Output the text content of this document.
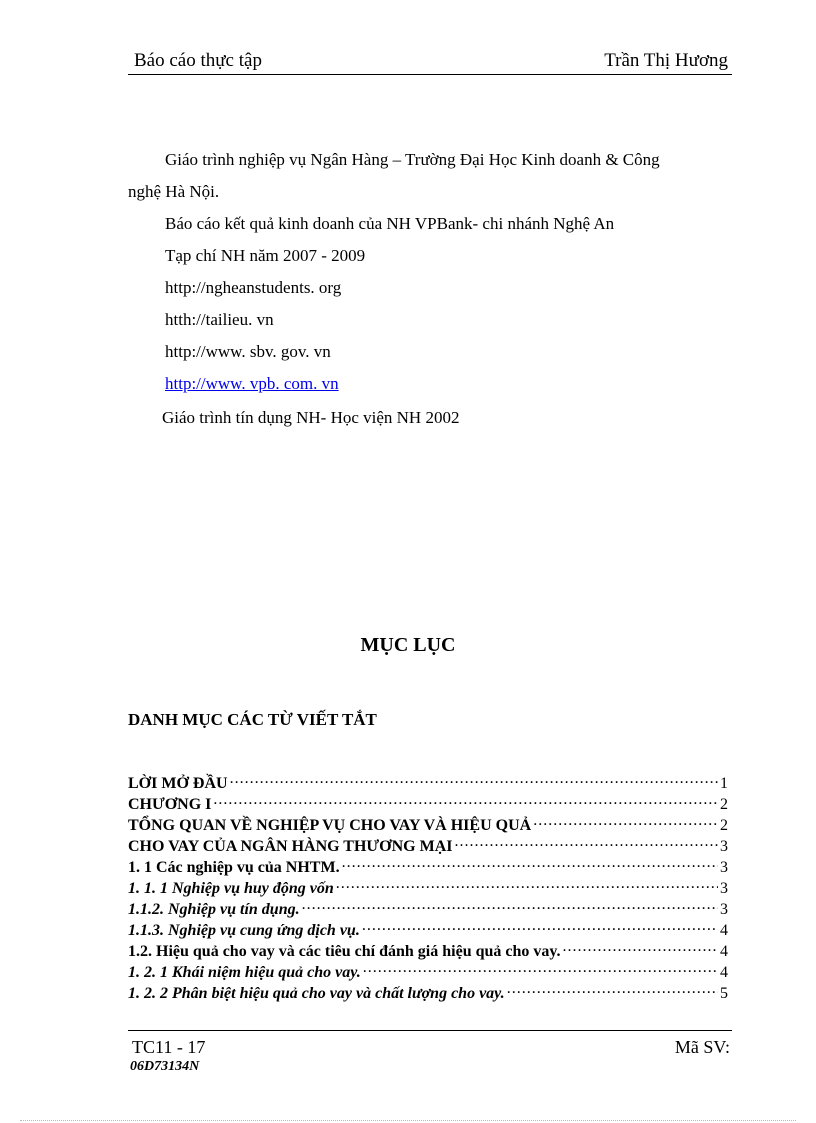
Báo cáo thực tập	Trần Thị Hương
Giáo trình nghiệp vụ Ngân Hàng – Trường Đại Học Kinh doanh & Công
nghệ Hà Nội.
Báo cáo kết quả kinh doanh của NH VPBank- chi nhánh Nghệ An
Tạp chí NH năm 2007 - 2009
http://ngheanstudents. org
htth://tailieu. vn
http://www. sbv. gov. vn
http://www. vpb. com. vn
Giáo trình tín dụng NH- Học viện NH 2002
MỤC LỤC
DANH MỤC CÁC TỪ VIẾT TẮT
LỜI MỞ ĐẦU .....	1
CHƯƠNG I .....	2
TỔNG QUAN VỀ NGHIỆP VỤ CHO VAY VÀ HIỆU QUẢ .....	2
CHO VAY CỦA NGÂN HÀNG THƯƠNG MẠI .....	3
1. 1 Các nghiệp vụ của NHTM. .....	3
1. 1. 1 Nghiệp vụ huy động vốn .....	3
1.1.2. Nghiệp vụ tín dụng. .....	3
1.1.3. Nghiệp vụ cung ứng dịch vụ. .....	4
1.2. Hiệu quả cho vay và các tiêu chí đánh giá hiệu quả cho vay. .....	4
1. 2. 1 Khái niệm hiệu quả cho vay. .....	4
1. 2. 2 Phân biệt hiệu quả cho vay và chất lượng cho vay. .....	5
TC11 - 17	Mã SV:
06D73134N
